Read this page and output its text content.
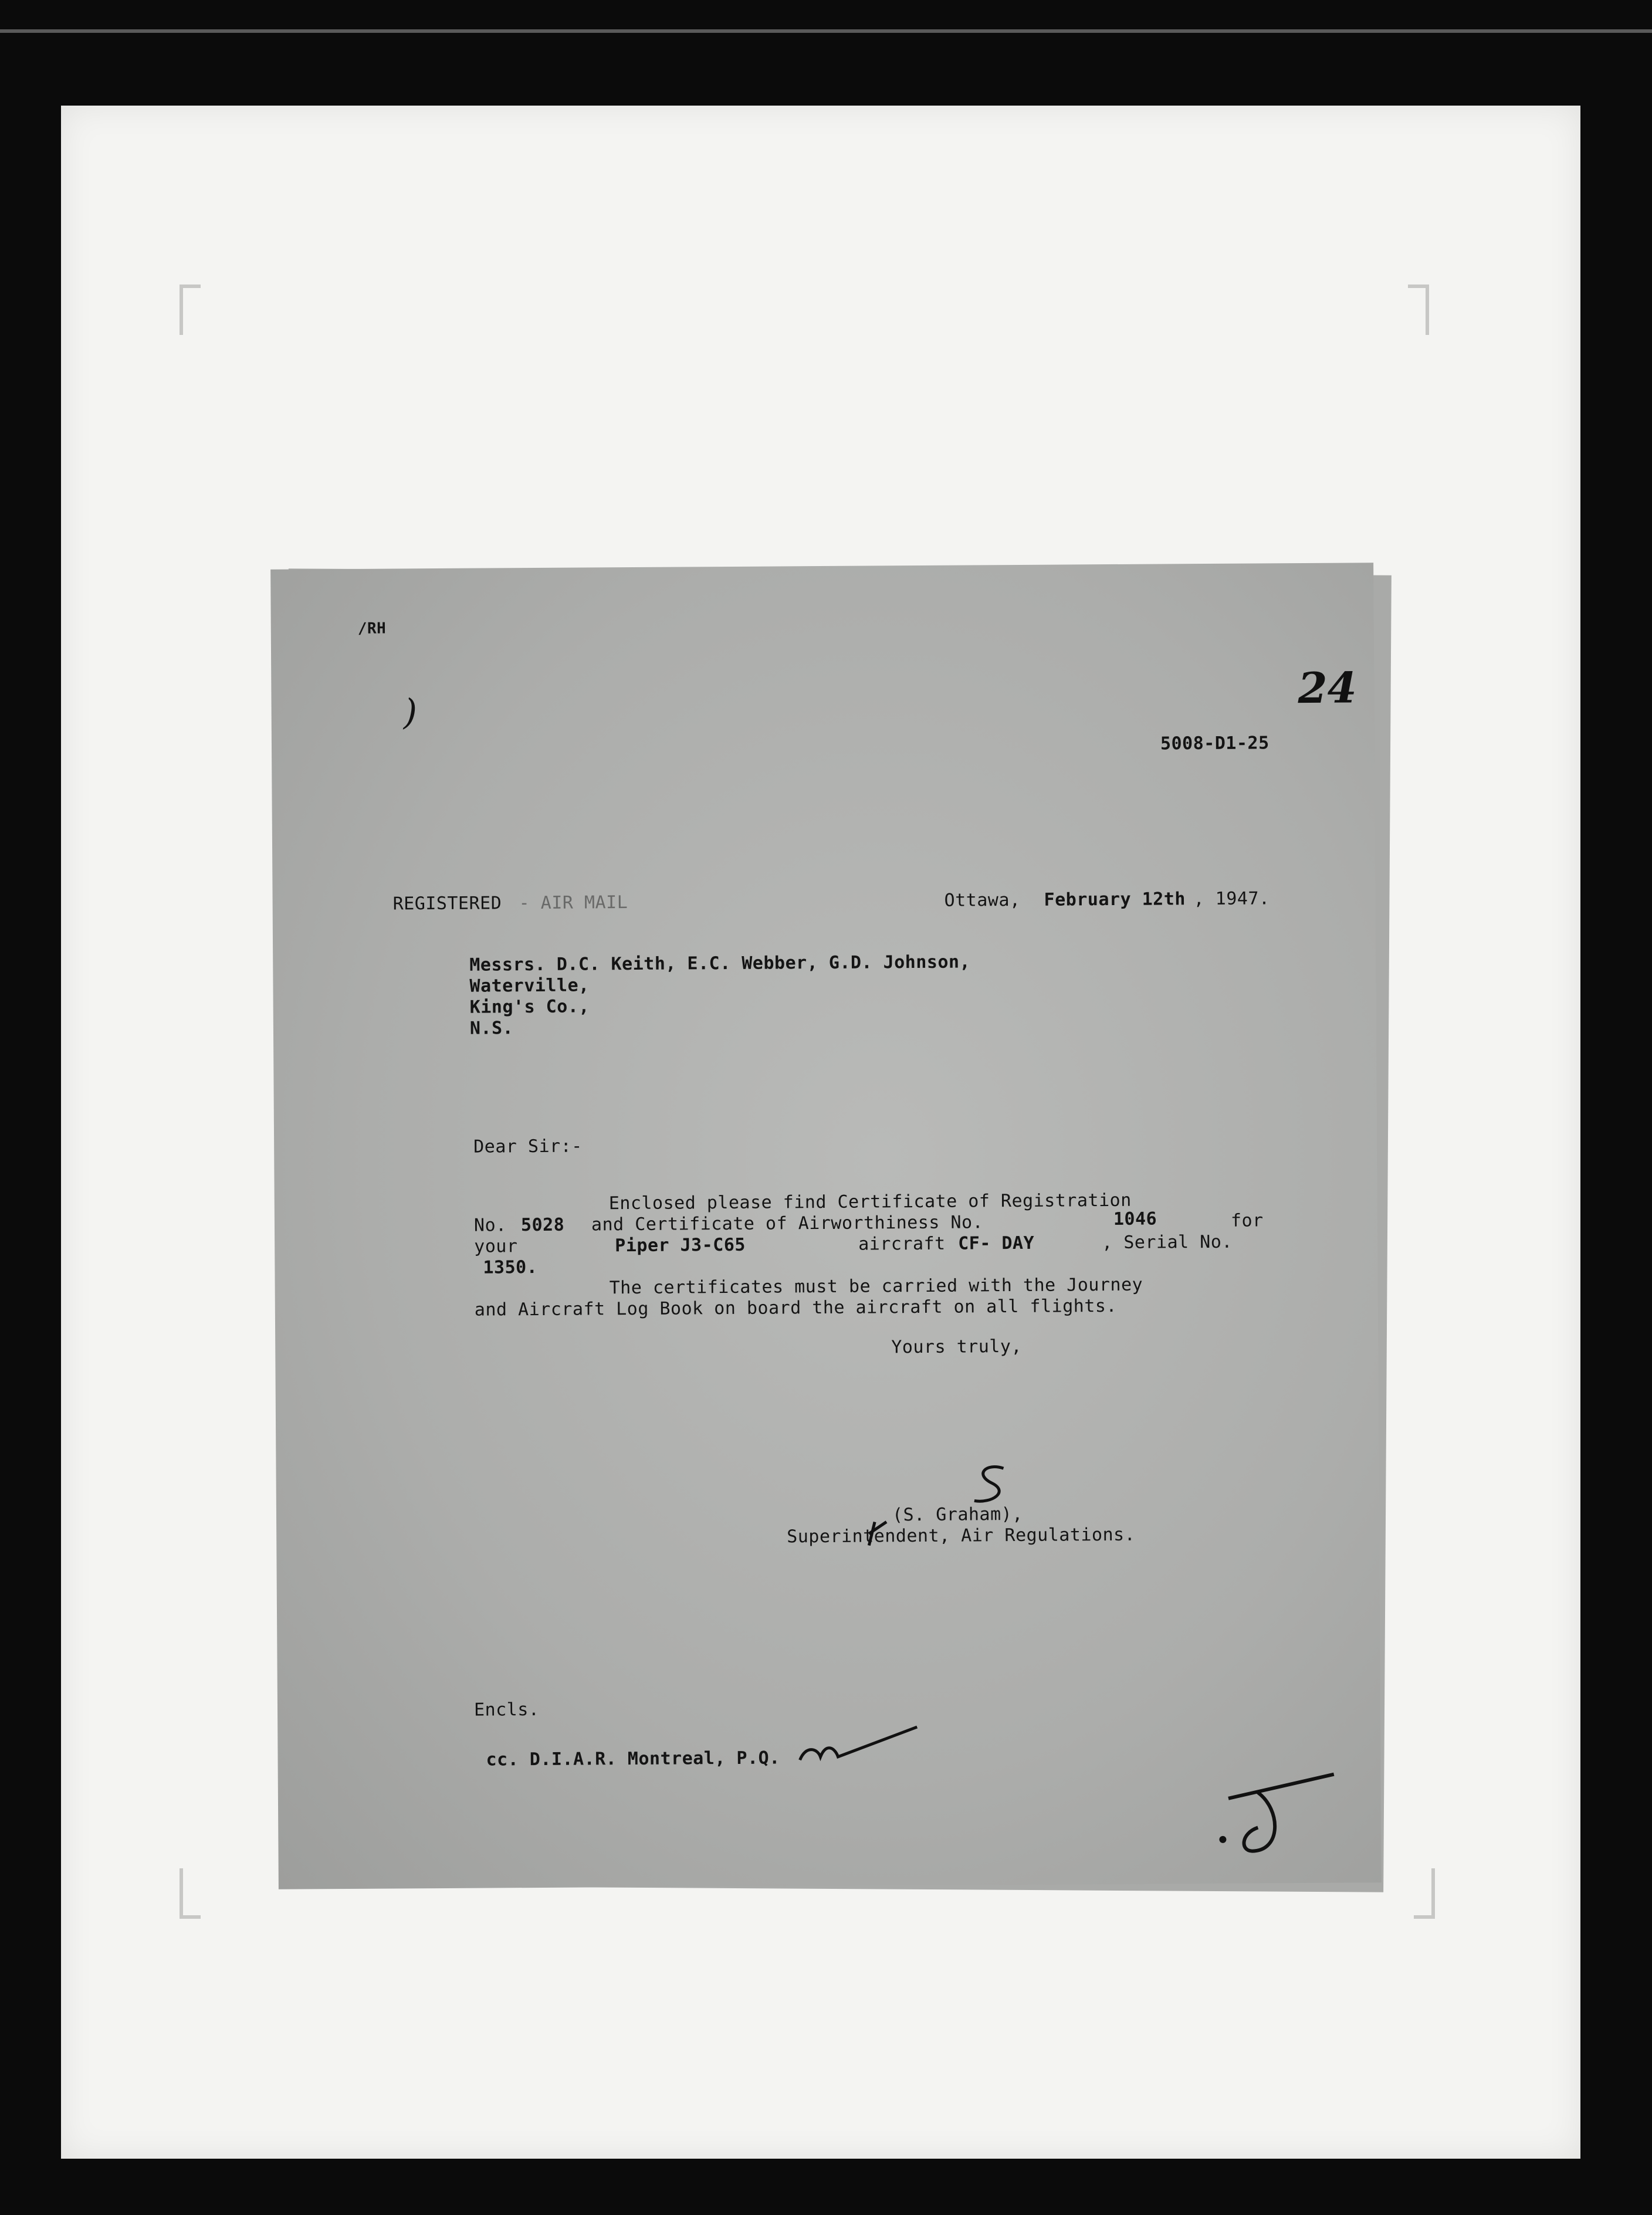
/RH
)	24
5008-D1-25
REGISTERED - AIR MAIL	Ottawa, February 12th , 1947.
Messrs. D.C. Keith, E.C. Webber, G.D. Johnson,
Waterville,
King's Co.,
N.S.
Dear Sir:-
Enclosed please find Certificate of Registration
No. 5028 and Certificate of Airworthiness No.	1046	for
your	Piper J3-C65	aircraft CF- DAY	, Serial No.
1350.
The certificates must be carried with the Journey
and Aircraft Log Book on board the aircraft on all flights.
Yours truly,
(S. Graham),
Superintendent, Air Regulations.
Encls.
cc. D.I.A.R. Montreal, P.Q.
